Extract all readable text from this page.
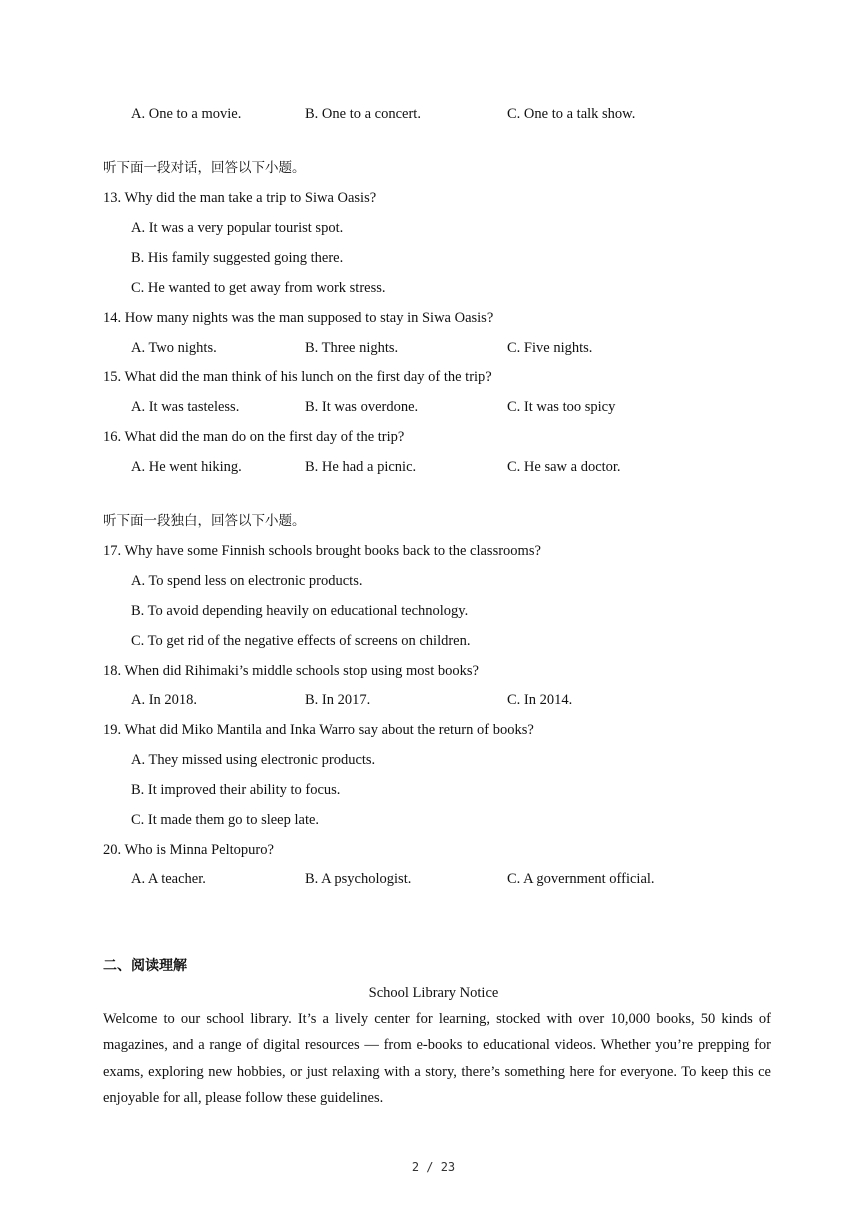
A. One to a movie.	B. One to a concert.	C. One to a talk show.
听下面一段对话，回答以下小题。
13. Why did the man take a trip to Siwa Oasis?
A. It was a very popular tourist spot.
B. His family suggested going there.
C. He wanted to get away from work stress.
14. How many nights was the man supposed to stay in Siwa Oasis?
A. Two nights.	B. Three nights.	C. Five nights.
15. What did the man think of his lunch on the first day of the trip?
A. It was tasteless.	B. It was overdone.	C. It was too spicy
16. What did the man do on the first day of the trip?
A. He went hiking.	B. He had a picnic.	C. He saw a doctor.
听下面一段独白，回答以下小题。
17. Why have some Finnish schools brought books back to the classrooms?
A. To spend less on electronic products.
B. To avoid depending heavily on educational technology.
C. To get rid of the negative effects of screens on children.
18. When did Rihimaki’s middle schools stop using most books?
A. In 2018.	B. In 2017.	C. In 2014.
19. What did Miko Mantila and Inka Warro say about the return of books?
A. They missed using electronic products.
B. It improved their ability to focus.
C. It made them go to sleep late.
20. Who is Minna Peltopuro?
A. A teacher.	B. A psychologist.	C. A government official.
二、阅读理解
School Library Notice
Welcome to our school library. It’s a lively center for learning, stocked with over 10,000 books, 50 kinds of magazines, and a range of digital resources — from e-books to educational videos. Whether you’re prepping for exams, exploring new hobbies, or just relaxing with a story, there’s something here for everyone. To keep this ce enjoyable for all, please follow these guidelines.
2 / 23
